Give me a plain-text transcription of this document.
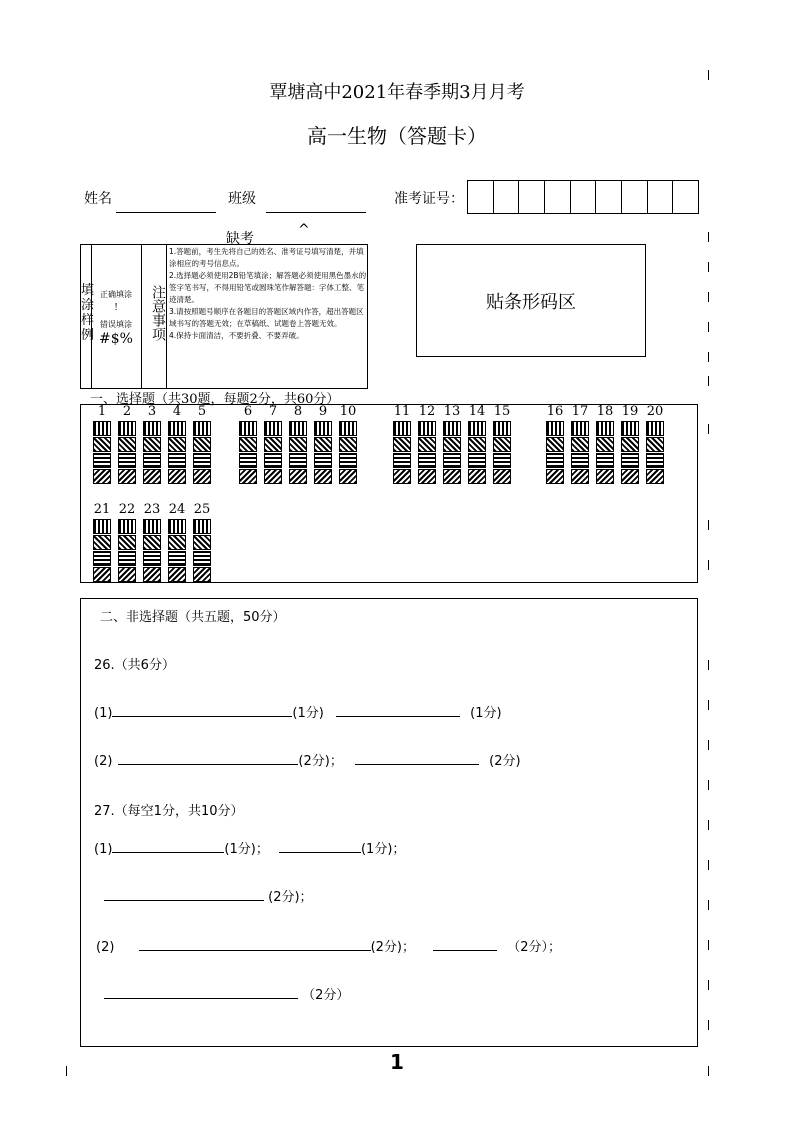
覃塘高中2021年春季期3月月考
高一生物（答题卡）
姓名	班级	准考证号：
缺考
^
填涂样例
正确填涂
!
错误填涂
#$%	注意事项
1.答题前，考生先将自己的姓名、准考证号填写清楚，并填涂相应的考号信息点。
2.选择题必须使用2B铅笔填涂；解答题必须使用黑色墨水的签字笔书写，不得用铅笔或圆珠笔作解答题：字体工整、笔迹清楚。
3.请按照题号顺序在各题目的答题区域内作答，超出答题区域书写的答题无效；在草稿纸、试题卷上答题无效。
4.保持卡面清洁，不要折叠、不要弄破。
贴条形码区
一、选择题（共30题，每题2分，共60分）
1	2	3	4	5	6	7	8	9 10	11 12 13 14 15	16 17 18 19 20
21 22 23 24 25
二、非选择题（共五题，50分）
26.（共6分）
(1)	(1分)	(1分)
(2)	(2分)；	(2分)
27.（每空1分，共10分）
(1)	(1分)；	(1分)；
(2分)；
(2)	(2分)；	（2分）；
（2分）
1
